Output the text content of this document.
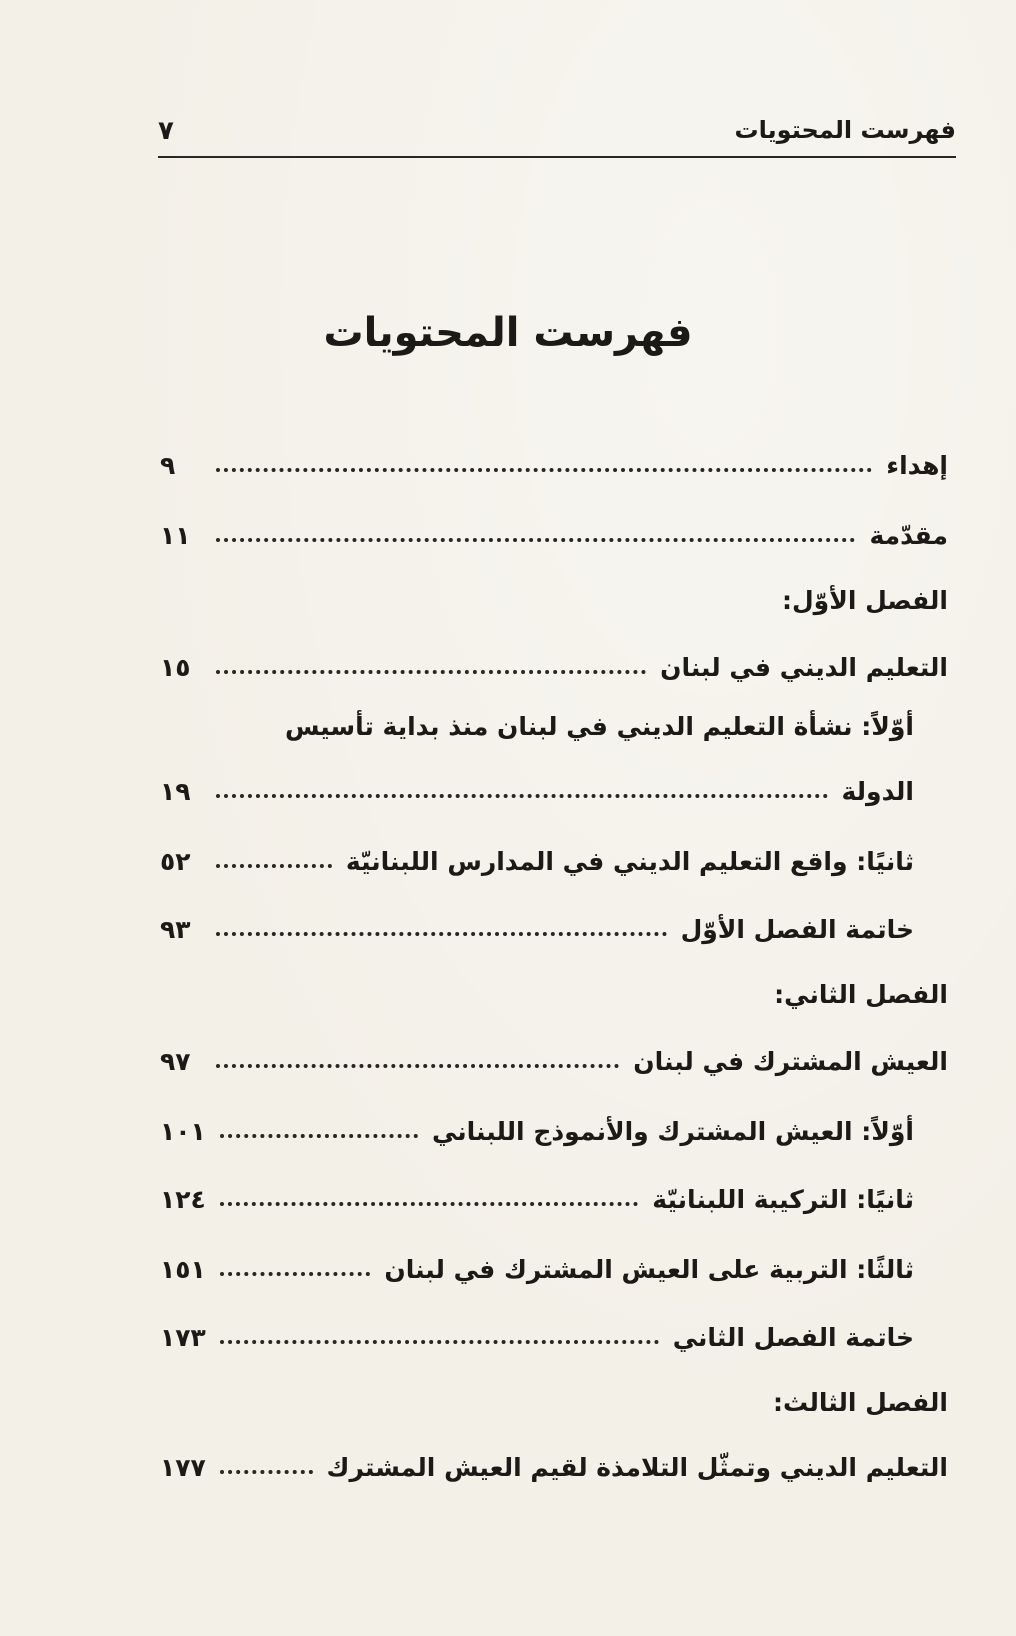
فهرست المحتويات
٧
فهرست المحتويات
إهداء
٩
مقدّمة
١١
الفصل الأوّل:
التعليم الديني في لبنان
١٥
أوّلاً: نشأة التعليم الديني في لبنان منذ بداية تأسيس
الدولة
١٩
ثانيًا: واقع التعليم الديني في المدارس اللبنانيّة
٥٢
خاتمة الفصل الأوّل
٩٣
الفصل الثاني:
العيش المشترك في لبنان
٩٧
أوّلاً: العيش المشترك والأنموذج اللبناني
١٠١
ثانيًا: التركيبة اللبنانيّة
١٢٤
ثالثًا: التربية على العيش المشترك في لبنان
١٥١
خاتمة الفصل الثاني
١٧٣
الفصل الثالث:
التعليم الديني وتمثّل التلامذة لقيم العيش المشترك
١٧٧
